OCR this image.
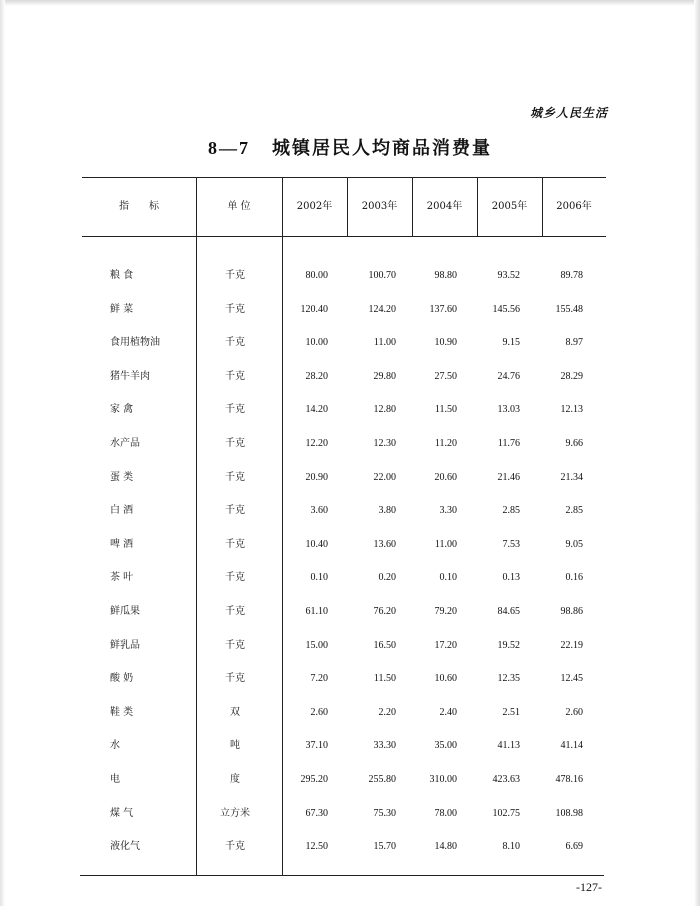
城乡人民生活
8—7 城镇居民人均商品消费量
指　　标	单 位	2002年	2003年	2004年	2005年	2006年
粮 食	千克	80.00	100.70	98.80	93.52	89.78
鲜 菜	千克	120.40	124.20	137.60	145.56	155.48
食用植物油	千克	10.00	11.00	10.90	9.15	8.97
猪牛羊肉	千克	28.20	29.80	27.50	24.76	28.29
家 禽	千克	14.20	12.80	11.50	13.03	12.13
水产品	千克	12.20	12.30	11.20	11.76	9.66
蛋 类	千克	20.90	22.00	20.60	21.46	21.34
白 酒	千克	3.60	3.80	3.30	2.85	2.85
啤 酒	千克	10.40	13.60	11.00	7.53	9.05
茶 叶	千克	0.10	0.20	0.10	0.13	0.16
鲜瓜果	千克	61.10	76.20	79.20	84.65	98.86
鲜乳品	千克	15.00	16.50	17.20	19.52	22.19
酸 奶	千克	7.20	11.50	10.60	12.35	12.45
鞋 类	双	2.60	2.20	2.40	2.51	2.60
水	吨	37.10	33.30	35.00	41.13	41.14
电	度	295.20	255.80	310.00	423.63	478.16
煤 气	立方米	67.30	75.30	78.00	102.75	108.98
液化气	千克	12.50	15.70	14.80	8.10	6.69
-127-
